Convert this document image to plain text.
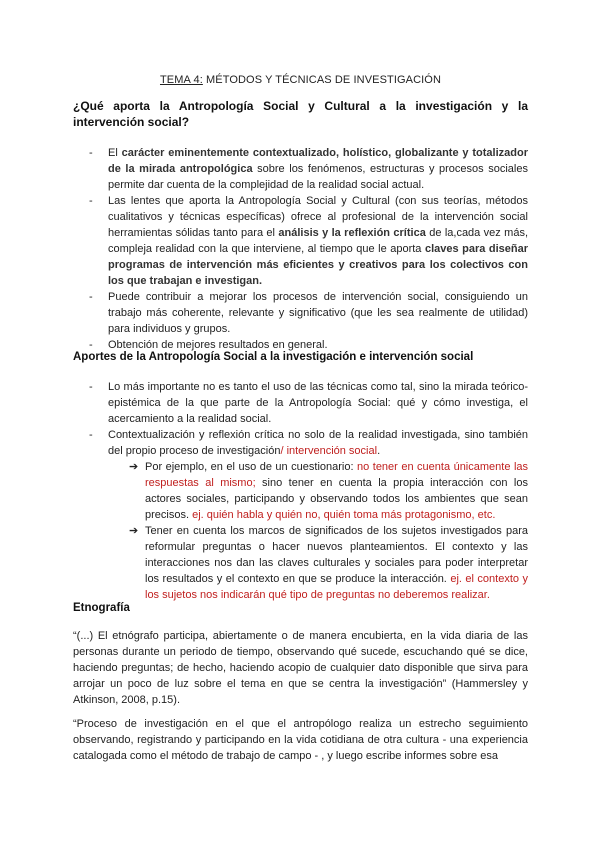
TEMA 4: MÉTODOS Y TÉCNICAS DE INVESTIGACIÓN
¿Qué aporta la Antropología Social y Cultural a la investigación y la intervención social?
- El carácter eminentemente contextualizado, holístico, globalizante y totalizador de la mirada antropológica sobre los fenómenos, estructuras y procesos sociales permite dar cuenta de la complejidad de la realidad social actual.
- Las lentes que aporta la Antropología Social y Cultural (con sus teorías, métodos cualitativos y técnicas específicas) ofrece al profesional de la intervención social herramientas sólidas tanto para el análisis y la reflexión crítica de la,cada vez más, compleja realidad con la que interviene, al tiempo que le aporta claves para diseñar programas de intervención más eficientes y creativos para los colectivos con los que trabajan e investigan.
- Puede contribuir a mejorar los procesos de intervención social, consiguiendo un trabajo más coherente, relevante y significativo (que les sea realmente de utilidad) para individuos y grupos.
- Obtención de mejores resultados en general.
Aportes de la Antropología Social a la investigación e intervención social
- Lo más importante no es tanto el uso de las técnicas como tal, sino la mirada teórico-epistémica de la que parte de la Antropología Social: qué y cómo investiga, el acercamiento a la realidad social.
- Contextualización y reflexión crítica no solo de la realidad investigada, sino también del propio proceso de investigación/ intervención social.
➔ Por ejemplo, en el uso de un cuestionario: no tener en cuenta únicamente las respuestas al mismo; sino tener en cuenta la propia interacción con los actores sociales, participando y observando todos los ambientes que sean precisos. ej. quién habla y quién no, quién toma más protagonismo, etc.
➔ Tener en cuenta los marcos de significados de los sujetos investigados para reformular preguntas o hacer nuevos planteamientos. El contexto y las interacciones nos dan las claves culturales y sociales para poder interpretar los resultados y el contexto en que se produce la interacción. ej. el contexto y los sujetos nos indicarán qué tipo de preguntas no deberemos realizar.
Etnografía

“(...) El etnógrafo participa, abiertamente o de manera encubierta, en la vida diaria de las personas durante un periodo de tiempo, observando qué sucede, escuchando qué se dice, haciendo preguntas; de hecho, haciendo acopio de cualquier dato disponible que sirva para arrojar un poco de luz sobre el tema en que se centra la investigación” (Hammersley y Atkinson, 2008, p.15).

“Proceso de investigación en el que el antropólogo realiza un estrecho seguimiento observando, registrando y participando en la vida cotidiana de otra cultura - una experiencia catalogada como el método de trabajo de campo - , y luego escribe informes sobre esa
